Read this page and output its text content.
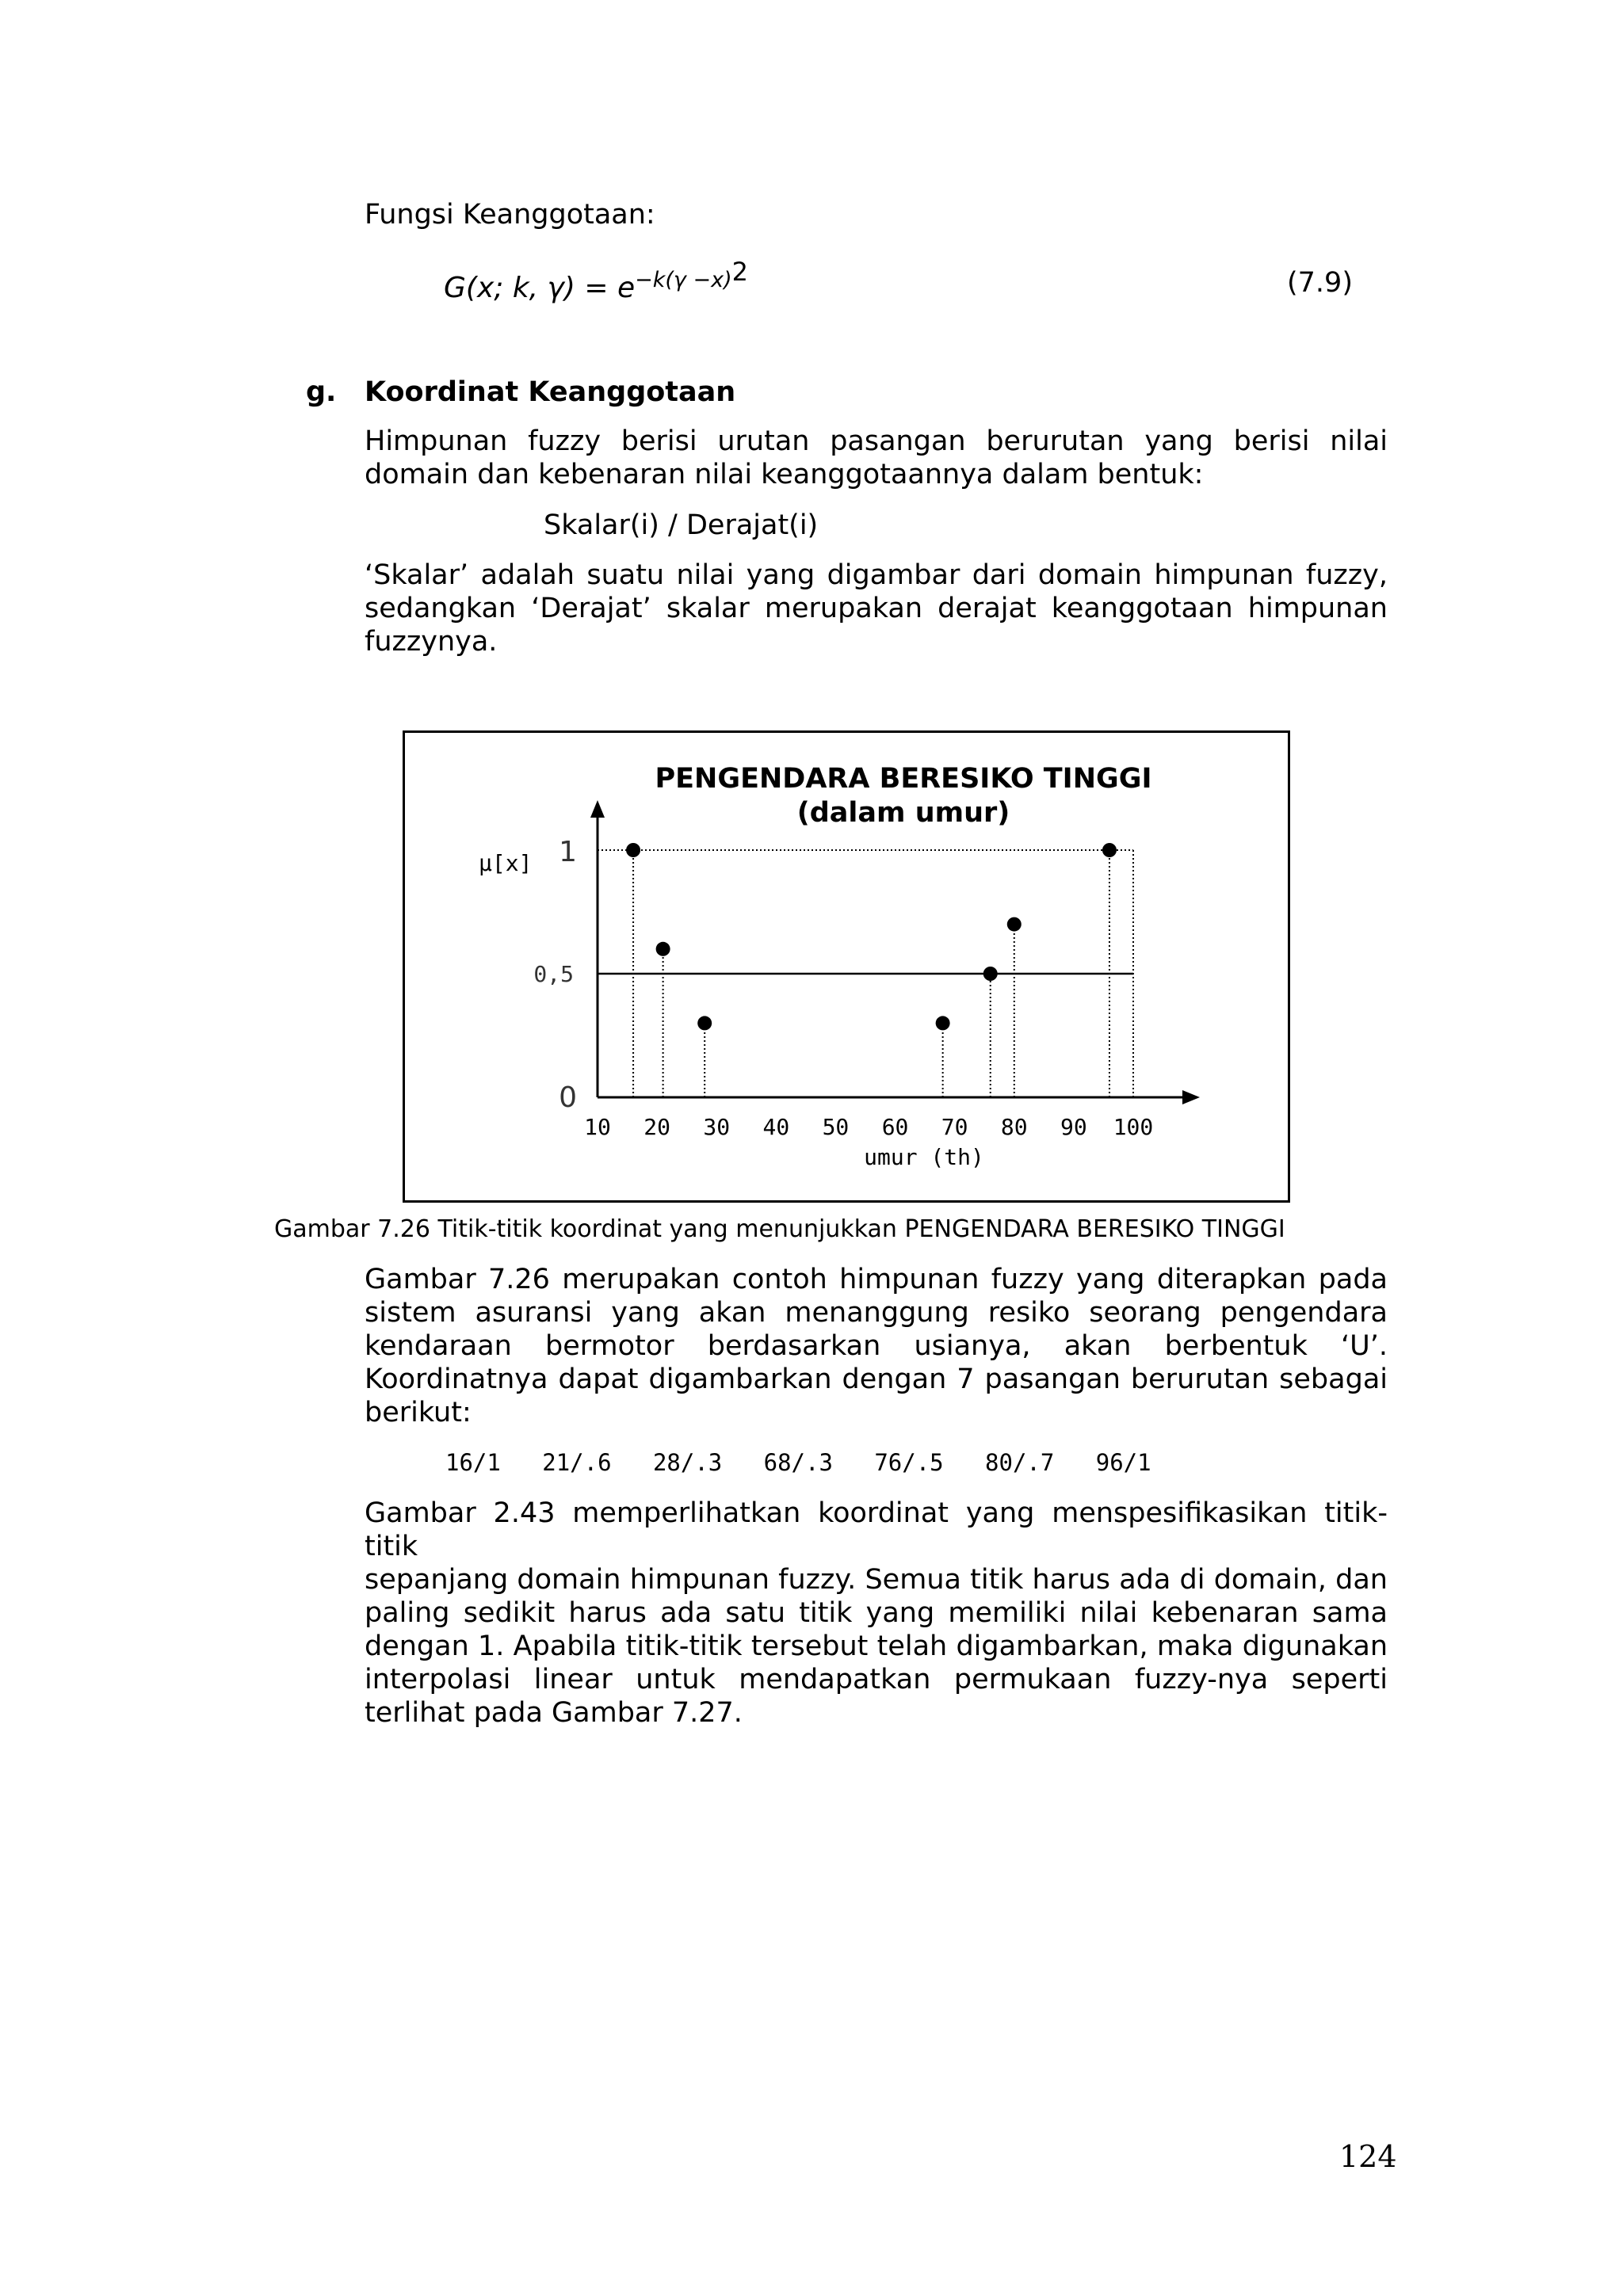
Fungsi Keanggotaan:
G(x; k, $\gamma) = e^{-k(\gamma -x)2}$	(7.9)
g. Koordinat Keanggotaan
Himpunan fuzzy berisi urutan pasangan berurutan yang berisi nilai
domain dan kebenaran nilai keanggotaannya dalam bentuk:
Skalar(i) / Derajat(i)
‘Skalar’ adalah suatu nilai yang digambar dari domain himpunan fuzzy,
sedangkan ‘Derajat’ skalar merupakan derajat keanggotaan himpunan
fuzzynya.
PENGENDARA BERESIKO TINGGI
(dalam umur)
μ[x]
umur (th)
10 20 30 40 50 60 70 80 90 100
0
0,5
1
Gambar 7.26 Titik-titik koordinat yang menunjukkan PENGENDARA BERESIKO TINGGI
Gambar 7.26 merupakan contoh himpunan fuzzy yang diterapkan pada
sistem asuransi yang akan menanggung resiko seorang pengendara
kendaraan bermotor berdasarkan usianya, akan berbentuk ‘U’.
Koordinatnya dapat digambarkan dengan 7 pasangan berurutan sebagai
berikut:
16/1 21/.6 28/.3 68/.3 76/.5 80/.7 96/1
Gambar 2.43 memperlihatkan koordinat yang menspesifikasikan titik-titik
sepanjang domain himpunan fuzzy. Semua titik harus ada di domain, dan
paling sedikit harus ada satu titik yang memiliki nilai kebenaran sama
dengan 1. Apabila titik-titik tersebut telah digambarkan, maka digunakan
interpolasi linear untuk mendapatkan permukaan fuzzy-nya seperti
terlihat pada Gambar 7.27.
124
